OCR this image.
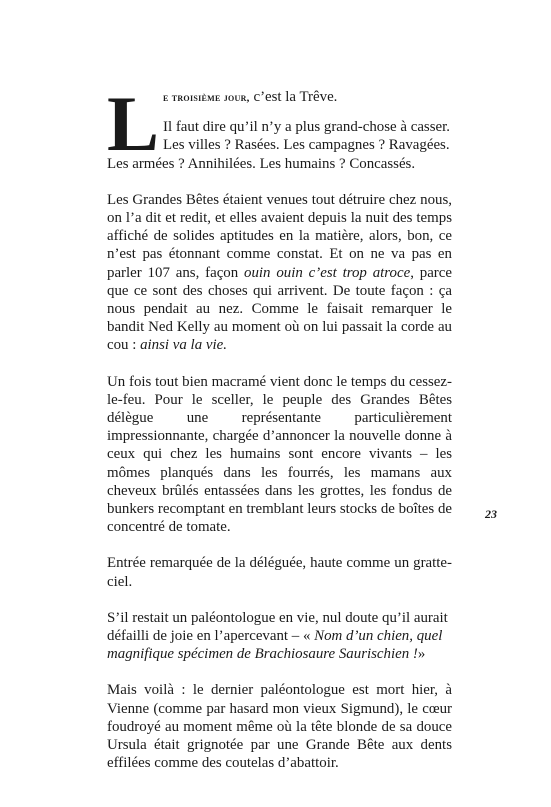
L e troisième jour, c’est la Trêve.

Il faut dire qu’il n’y a plus grand-chose à casser.

Les villes ? Rasées. Les campagnes ? Ravagées.

Les armées ? Annihilées. Les humains ? Concassés.

Les Grandes Bêtes étaient venues tout détruire chez nous, on l’a dit et redit, et elles avaient depuis la nuit des temps affiché de solides aptitudes en la matière, alors, bon, ce n’est pas étonnant comme constat. Et on ne va pas en parler 107 ans, façon ouin ouin c’est trop atroce, parce que ce sont des choses qui arrivent. De toute façon : ça nous pendait au nez. Comme le faisait remarquer le bandit Ned Kelly au moment où on lui passait la corde au cou : ainsi va la vie.

Un fois tout bien macramé vient donc le temps du cessez-le-feu. Pour le sceller, le peuple des Grandes Bêtes délègue une représentante particulièrement impressionnante, chargée d’annoncer la nouvelle donne à ceux qui chez les humains sont encore vivants – les mômes planqués dans les fourrés, les mamans aux cheveux brûlés entassées dans les grottes, les fondus de bunkers recomptant en tremblant leurs stocks de boîtes de concentré de tomate.

Entrée remarquée de la déléguée, haute comme un gratte-ciel.

S’il restait un paléontologue en vie, nul doute qu’il aurait défailli de joie en l’apercevant – « Nom d’un chien, quel magnifique spécimen de Brachiosaure Saurischien !»

Mais voilà : le dernier paléontologue est mort hier, à Vienne (comme par hasard mon vieux Sigmund), le cœur foudroyé au moment même où la tête blonde de sa douce Ursula était grignotée par une Grande Bête aux dents effilées comme des coutelas d’abattoir.

23
